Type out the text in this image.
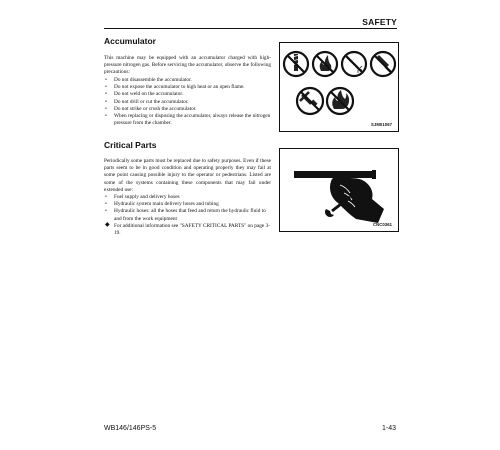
SAFETY
Accumulator

This machine may be equipped with an accumulator charged with high-pressure nitrogen gas. Before servicing the accumulator, observe the following precautions:

• Do not disassemble the accumulator.
• Do not expose the accumulator to high heat or an open flame.
• Do not weld on the accumulator.
• Do not drill or cut the accumulator.
• Do not strike or crush the accumulator.
• When replacing or disposing the accumulator, always release the nitrogen pressure from the chamber.	SJM01067
Critical Parts

Periodically some parts must be replaced due to safety purposes. Even if these parts seem to be in good condition and operating properly they may fail at some point causing possible injury to the operator or pedestrians. Listed are some of the systems containing these components that may fail under extended use:

• Fuel supply and delivery hoses
• Hydraulic system main delivery hoses and tubing
• Hydraulic hoses: all the hoses that feed and return the hydraulic fluid to and from the work equipment
◆ For additional information see "SAFETY CRITICAL PARTS" on page 3-19.
CNC0361
WB146/146PS-5	1-43
